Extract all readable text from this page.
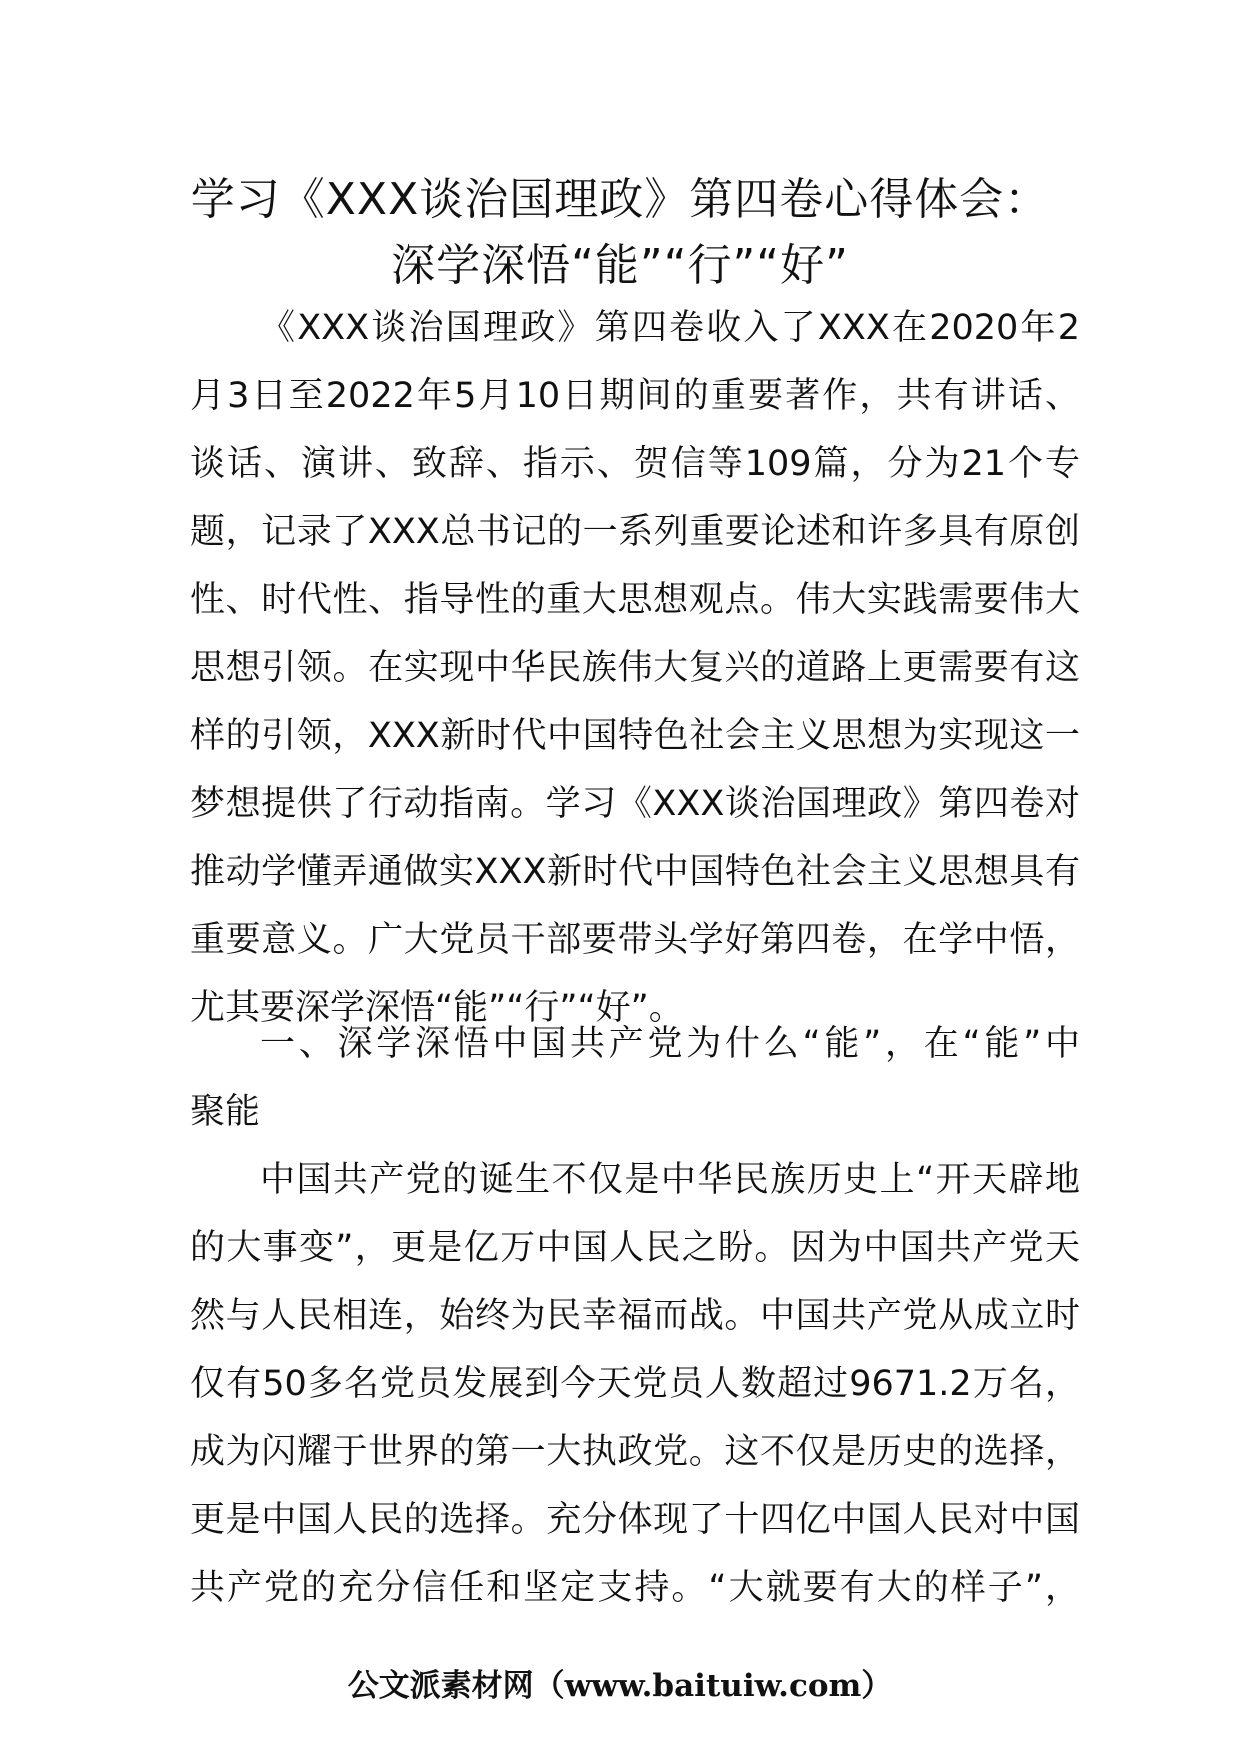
学习《XXX谈治国理政》第四卷心得体会：
深学深悟“能”“行”“好”
《XXX谈治国理政》第四卷收入了XXX在2020年2
月3日至2022年5月10日期间的重要著作，共有讲话、
谈话、演讲、致辞、指示、贺信等109篇，分为21个专
题，记录了XXX总书记的一系列重要论述和许多具有原创
性、时代性、指导性的重大思想观点。伟大实践需要伟大
思想引领。在实现中华民族伟大复兴的道路上更需要有这
样的引领，XXX新时代中国特色社会主义思想为实现这一
梦想提供了行动指南。学习《XXX谈治国理政》第四卷对
推动学懂弄通做实XXX新时代中国特色社会主义思想具有
重要意义。广大党员干部要带头学好第四卷，在学中悟，
尤其要深学深悟“能”“行”“好”。
一、深学深悟中国共产党为什么“能”，在“能”中
聚能
中国共产党的诞生不仅是中华民族历史上“开天辟地
的大事变”，更是亿万中国人民之盼。因为中国共产党天
然与人民相连，始终为民幸福而战。中国共产党从成立时
仅有50多名党员发展到今天党员人数超过9671.2万名，
成为闪耀于世界的第一大执政党。这不仅是历史的选择，
更是中国人民的选择。充分体现了十四亿中国人民对中国
共产党的充分信任和坚定支持。“大就要有大的样子”，
公文派素材网（www.baituiw.com）
